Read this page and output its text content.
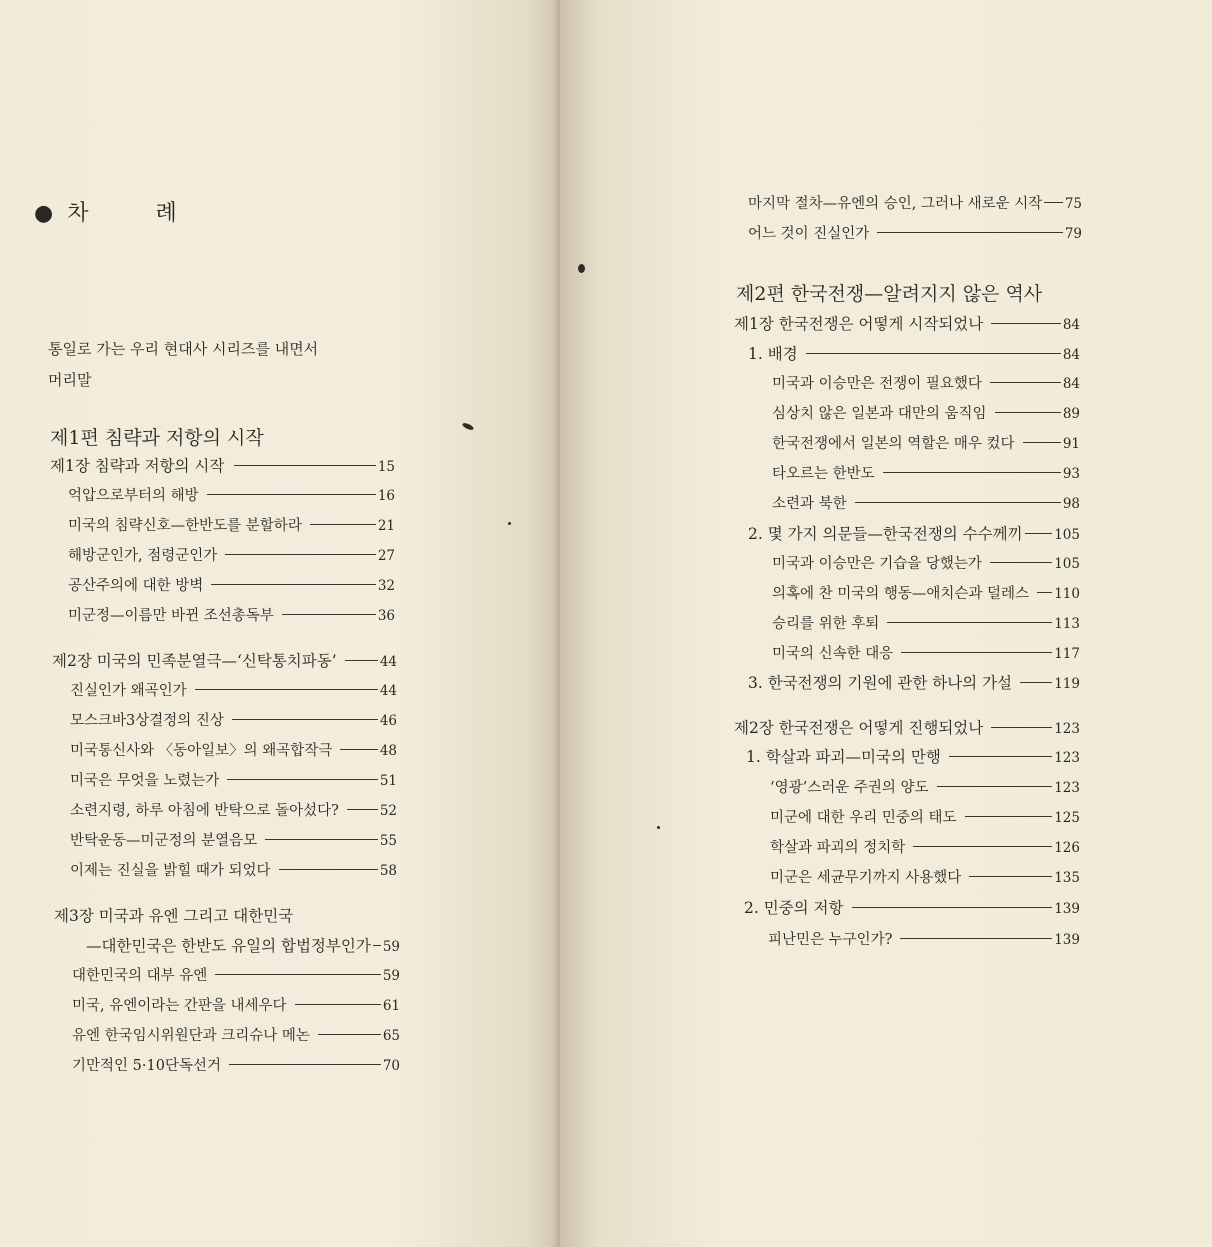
● 차 례
통일로 가는 우리 현대사 시리즈를 내면서
머리말
제1편 침략과 저항의 시작
제1장 침략과 저항의 시작	15
억압으로부터의 해방	16
미국의 침략신호—한반도를 분할하라	21
해방군인가, 점령군인가	27
공산주의에 대한 방벽	32
미군정—이름만 바뀐 조선총독부	36
제2장 미국의 민족분열극—‘신탁통치파동’	44
진실인가 왜곡인가	44
모스크바3상결정의 진상	46
미국통신사와 〈동아일보〉의 왜곡합작극	48
미국은 무엇을 노렸는가	51
소련지령, 하루 아침에 반탁으로 돌아섰다?	52
반탁운동—미군정의 분열음모	55
이제는 진실을 밝힐 때가 되었다	58
제3장 미국과 유엔 그리고 대한민국
—대한민국은 한반도 유일의 합법정부인가 59
대한민국의 대부 유엔	59
미국, 유엔이라는 간판을 내세우다	61
유엔 한국임시위원단과 크리슈나 메논	65
기만적인 5·10단독선거	70
마지막 절차—유엔의 승인, 그러나 새로운 시작 75
어느 것이 진실인가	79
제2편 한국전쟁—알려지지 않은 역사
제1장 한국전쟁은 어떻게 시작되었나	84
1. 배경	84
미국과 이승만은 전쟁이 필요했다	84
심상치 않은 일본과 대만의 움직임	89
한국전쟁에서 일본의 역할은 매우 컸다	91
타오르는 한반도	93
소련과 북한	98
2. 몇 가지 의문들—한국전쟁의 수수께끼 105
미국과 이승만은 기습을 당했는가	105
의혹에 찬 미국의 행동—애치슨과 덜레스 110
승리를 위한 후퇴	113
미국의 신속한 대응	117
3. 한국전쟁의 기원에 관한 하나의 가설	119
제2장 한국전쟁은 어떻게 진행되었나	123
1. 학살과 파괴—미국의 만행	123
‘영광’스러운 주권의 양도	123
미군에 대한 우리 민중의 태도	125
학살과 파괴의 정치학	126
미군은 세균무기까지 사용했다	135
2. 민중의 저항	139
피난민은 누구인가?	139
